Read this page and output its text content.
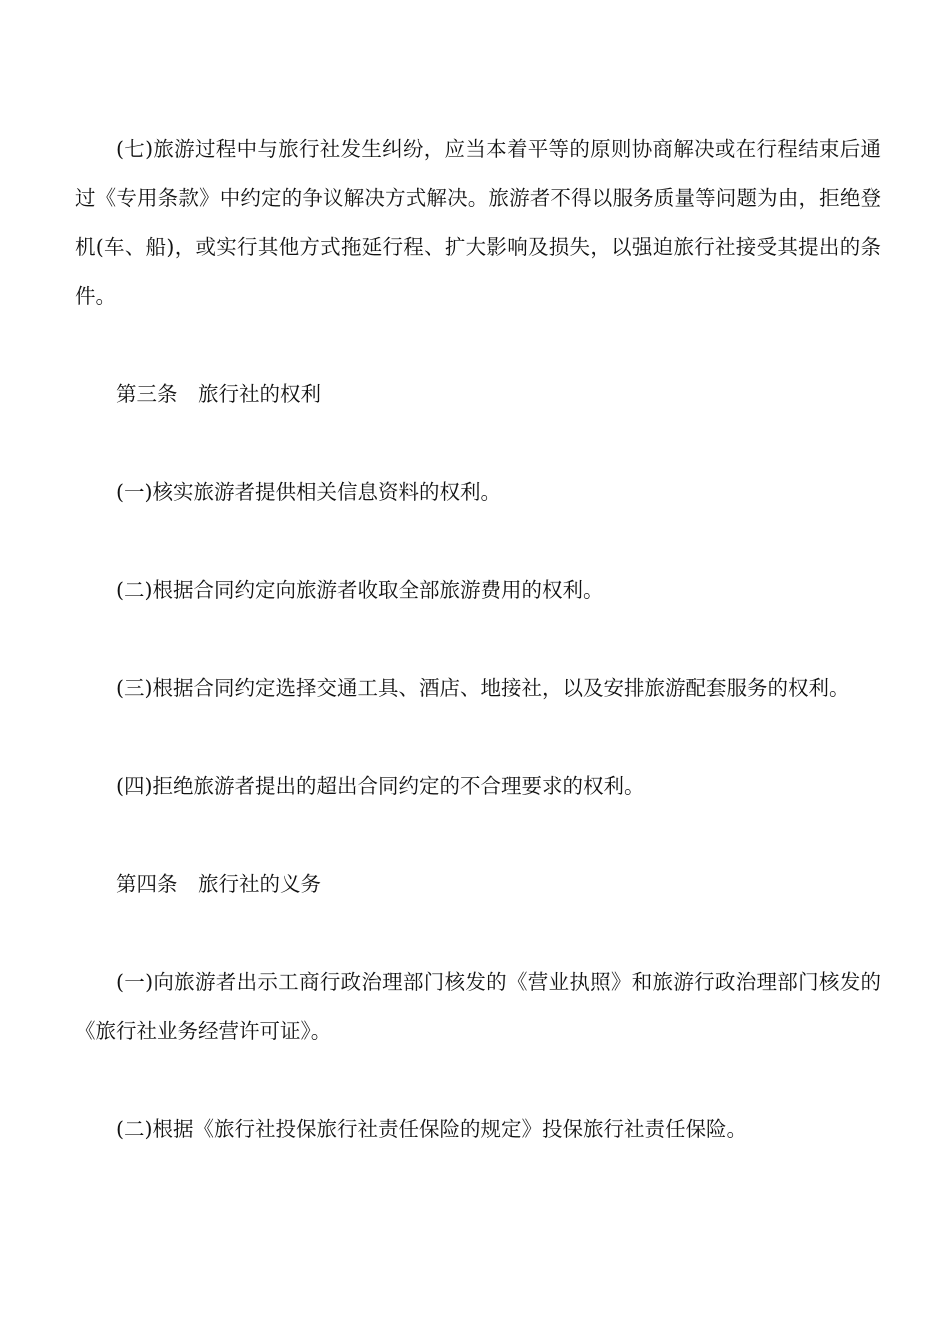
(七)旅游过程中与旅行社发生纠纷，应当本着平等的原则协商解决或在行程结束后通过《专用条款》中约定的争议解决方式解决。旅游者不得以服务质量等问题为由，拒绝登机(车、船)，或实行其他方式拖延行程、扩大影响及损失，以强迫旅行社接受其提出的条件。

第三条　旅行社的权利

(一)核实旅游者提供相关信息资料的权利。

(二)根据合同约定向旅游者收取全部旅游费用的权利。

(三)根据合同约定选择交通工具、酒店、地接社，以及安排旅游配套服务的权利。

(四)拒绝旅游者提出的超出合同约定的不合理要求的权利。

第四条　旅行社的义务

(一)向旅游者出示工商行政治理部门核发的《营业执照》和旅游行政治理部门核发的《旅行社业务经营许可证》。

(二)根据《旅行社投保旅行社责任保险的规定》投保旅行社责任保险。
